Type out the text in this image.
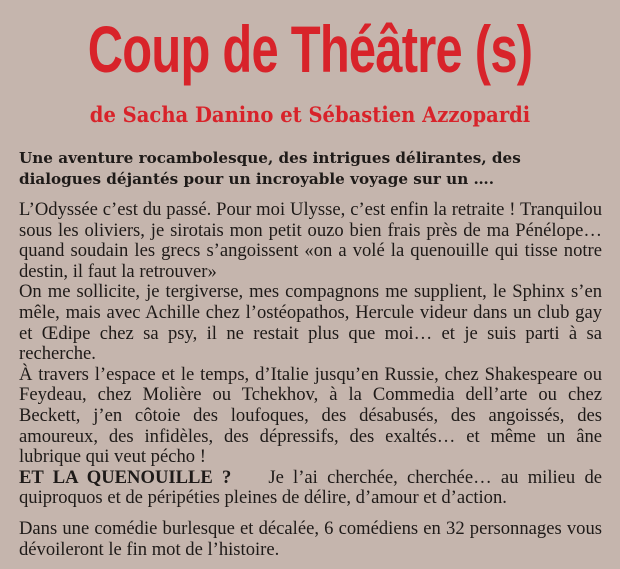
Coup de Théâtre (s)
de Sacha Danino et Sébastien Azzopardi
Une aventure rocambolesque, des intrigues délirantes, des dialogues déjantés pour un incroyable voyage sur un ….

L’Odyssée c’est du passé. Pour moi Ulysse, c’est enfin la retraite ! Tranquilou sous les oliviers, je sirotais mon petit ouzo bien frais près de ma Pénélope… quand soudain les grecs s’angoissent «on a volé la quenouille qui tisse notre destin, il faut la retrouver»

On me sollicite, je tergiverse, mes compagnons me supplient, le Sphinx s’en mêle, mais avec Achille chez l’ostéopathos, Hercule videur dans un club gay et Œdipe chez sa psy, il ne restait plus que moi… et je suis parti à sa recherche.

À travers l’espace et le temps, d’Italie jusqu’en Russie, chez Shakespeare ou Feydeau, chez Molière ou Tchekhov, à la Commedia dell’arte ou chez Beckett, j’en côtoie des loufoques, des désabusés, des angoissés, des amoureux, des infidèles, des dépressifs, des exaltés… et même un âne lubrique qui veut pécho !

ET LA QUENOUILLE ? Je l’ai cherchée, cherchée… au milieu de quiproquos et de péripéties pleines de délire, d’amour et d’action.

Dans une comédie burlesque et décalée, 6 comédiens en 32 personnages vous dévoileront le fin mot de l’histoire.
